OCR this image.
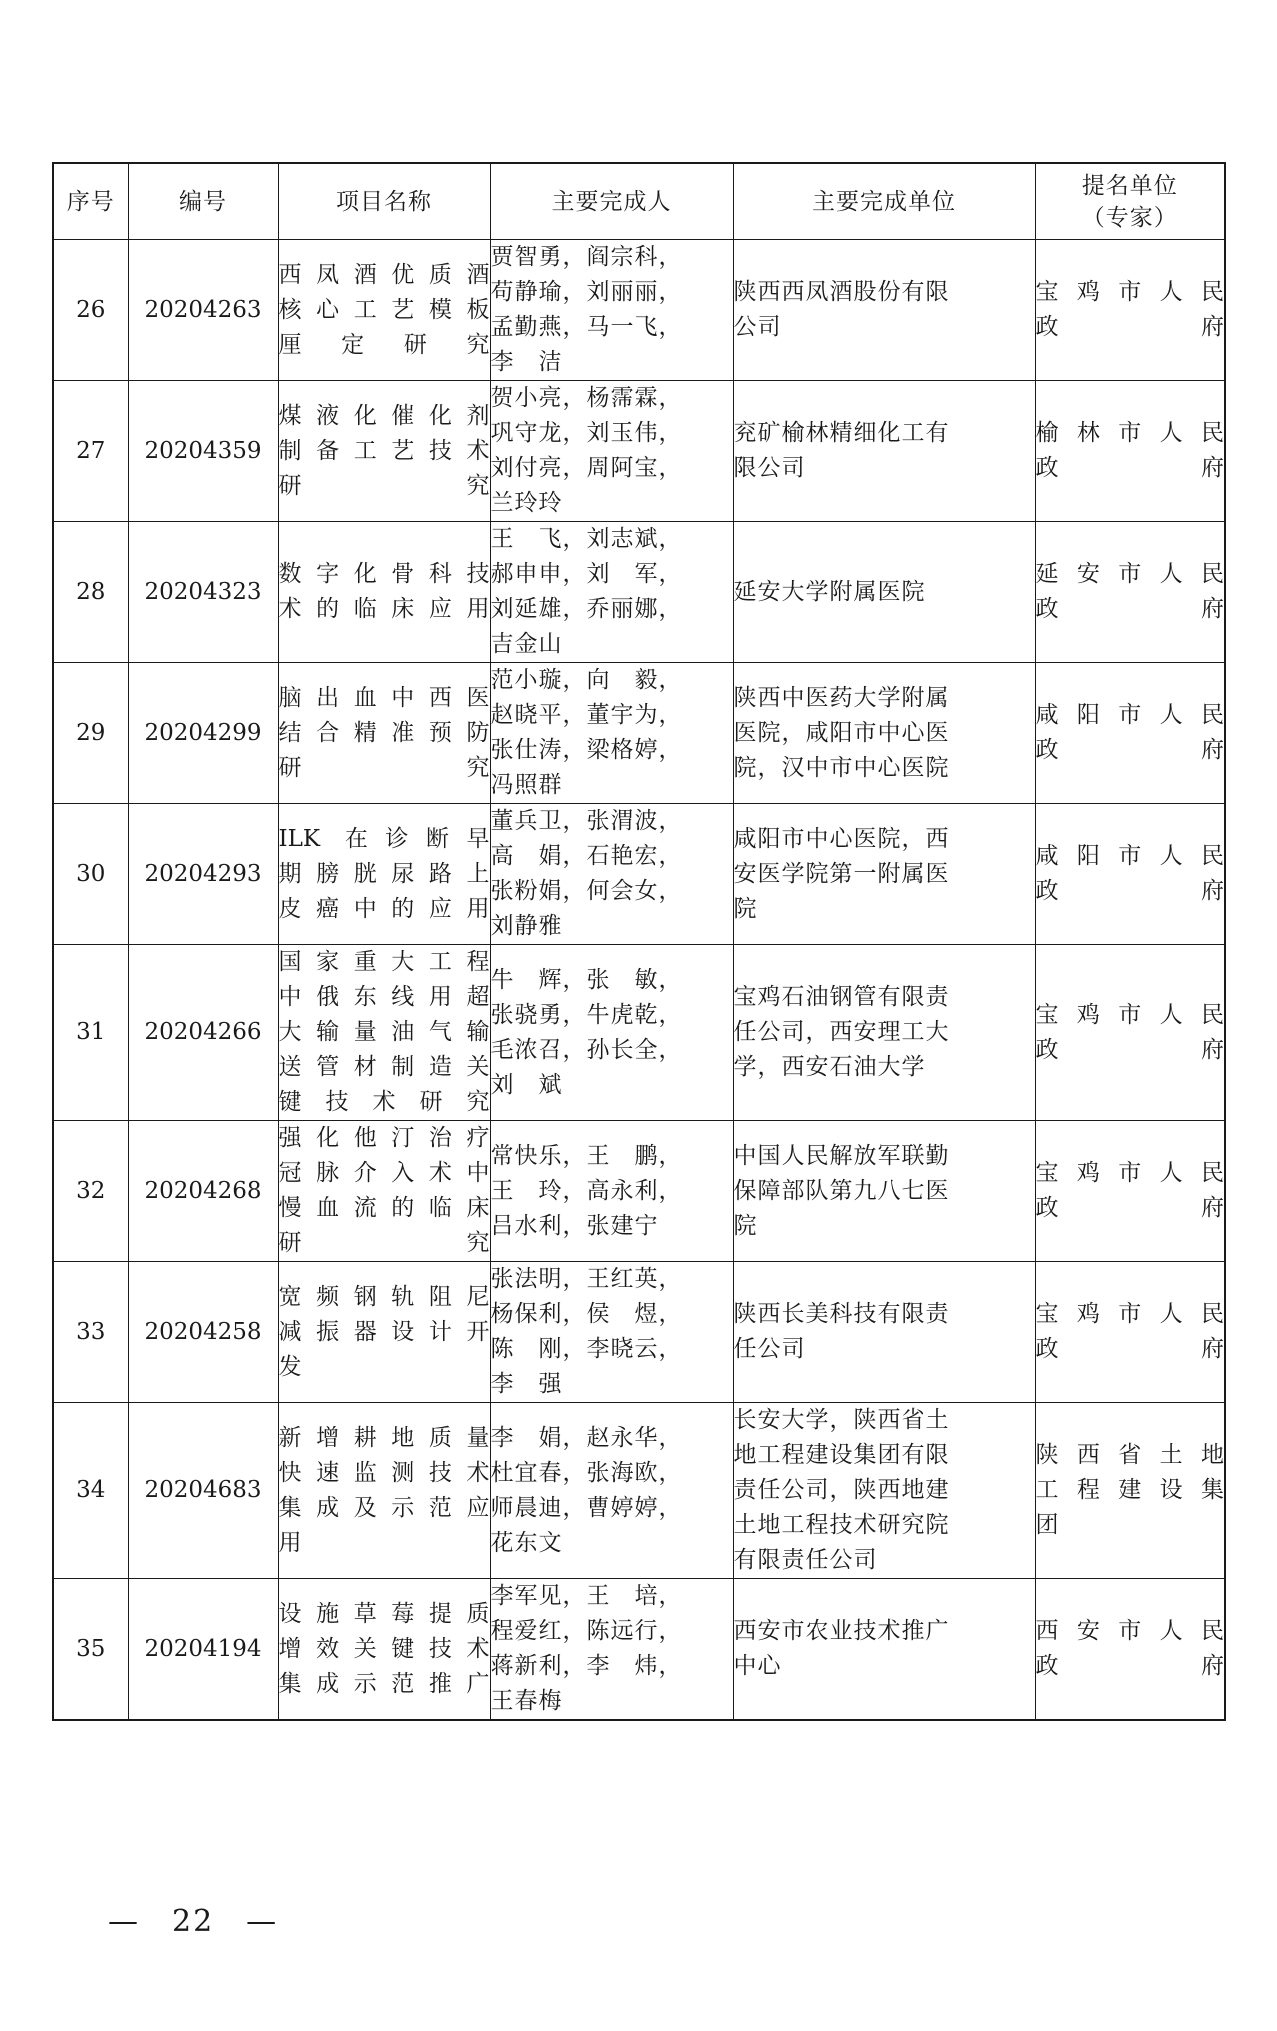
序号	编号	项目名称	主要完成人	主要完成单位	提名单位
（专家）

26	20204263	西凤酒优质酒
核心工艺模板
厘定研究	贾智勇，阎宗科，
苟静瑜，刘丽丽，
孟勤燕，马一飞，
李　洁	陕西西凤酒股份有限
公司	宝鸡市人民
政府

27	20204359	煤液化催化剂
制备工艺技术
研究	贺小亮，杨霈霖，
巩守龙，刘玉伟，
刘付亮，周阿宝，
兰玲玲	兖矿榆林精细化工有
限公司	榆林市人民
政府

28	20204323	数字化骨科技
术的临床应用	王　飞，刘志斌，
郝申申，刘　军，
刘延雄，乔丽娜，
吉金山	延安大学附属医院	延安市人民
政府

29	20204299	脑出血中西医
结合精准预防
研究	范小璇，向　毅，
赵晓平，董宇为，
张仕涛，梁格婷，
冯照群	陕西中医药大学附属
医院，咸阳市中心医
院，汉中市中心医院	咸阳市人民
政府

30	20204293	ILK 在诊断早
期膀胱尿路上
皮癌中的应用	董兵卫，张渭波，
高　娟，石艳宏，
张粉娟，何会女，
刘静雅	咸阳市中心医院，西
安医学院第一附属医
院	咸阳市人民
政府

31	20204266	国家重大工程
中俄东线用超
大输量油气输
送管材制造关
键技术研究	牛　辉，张　敏，
张骁勇，牛虎乾，
毛浓召，孙长全，
刘　斌	宝鸡石油钢管有限责
任公司，西安理工大
学，西安石油大学	宝鸡市人民
政府

32	20204268	强化他汀治疗
冠脉介入术中
慢血流的临床
研究	常快乐，王　鹏，
王　玲，高永利，
吕水利，张建宁	中国人民解放军联勤
保障部队第九八七医
院	宝鸡市人民
政府

33	20204258	宽频钢轨阻尼
减振器设计开
发	张法明，王红英，
杨保利，侯　煜，
陈　刚，李晓云，
李　强	陕西长美科技有限责
任公司	宝鸡市人民
政府

34	20204683	新增耕地质量
快速监测技术
集成及示范应
用	李　娟，赵永华，
杜宜春，张海欧，
师晨迪，曹婷婷，
花东文	长安大学，陕西省土
地工程建设集团有限
责任公司，陕西地建
土地工程技术研究院
有限责任公司	陕西省土地
工程建设集
团

35	20204194	设施草莓提质
增效关键技术
集成示范推广	李军见，王　培，
程爱红，陈远行，
蒋新利，李　炜，
王春梅	西安市农业技术推广
中心	西安市人民
政府
—　22　—
